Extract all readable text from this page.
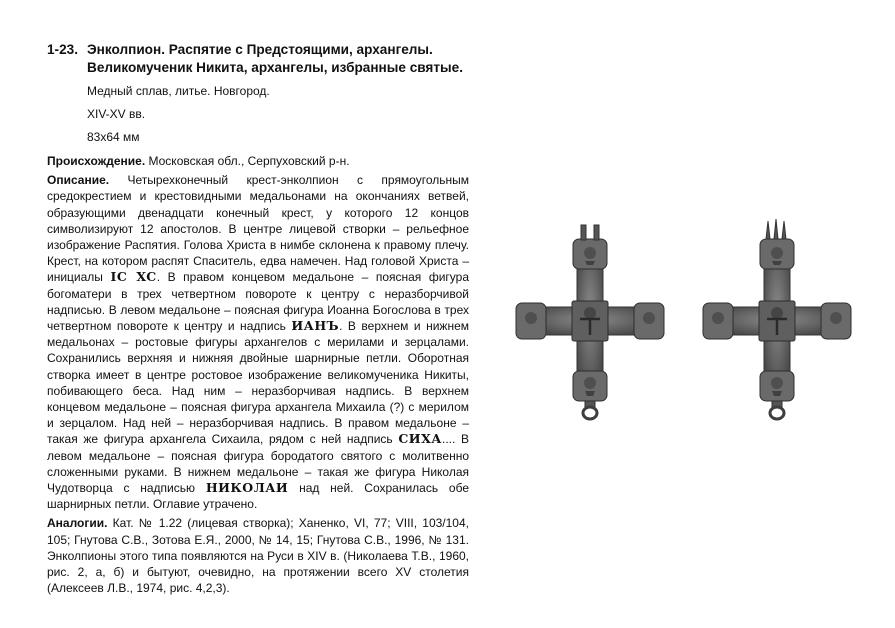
1-23. Энколпион. Распятие с Предстоящими, архангелы. Великомученик Никита, архангелы, избранные святые.
Медный сплав, литье. Новгород.
XIV-XV вв.
83х64 мм

Происхождение. Московская обл., Серпуховский р-н.

Описание. Четырехконечный крест-энколпион с прямоугольным средокрестием и крестовидными медальонами на окончаниях ветвей, образующими двенадцати конечный крест, у которого 12 концов символизируют 12 апостолов. В центре лицевой створки – рельефное изображение Распятия. Голова Христа в нимбе склонена к правому плечу. Крест, на котором распят Спаситель, едва намечен. Над головой Христа – инициалы IC XC. В правом концевом медальоне – поясная фигура богоматери в трех четвертном повороте к центру с неразборчивой надписью. В левом медальоне – поясная фигура Иоанна Богослова в трех четвертном повороте к центру и надпись ИАНЪ. В верхнем и нижнем медальонах – ростовые фигуры архангелов с мерилами и зерцалами. Сохранились верхняя и нижняя двойные шарнирные петли. Оборотная створка имеет в центре ростовое изображение великомученика Никиты, побивающего беса. Над ним – неразборчивая надпись. В верхнем концевом медальоне – поясная фигура архангела Михаила (?) с мерилом и зерцалом. Над ней – неразборчивая надпись. В правом медальоне – такая же фигура архангела Сихаила, рядом с ней надпись СИХА.... В левом медальоне – поясная фигура бородатого святого с молитвенно сложенными руками. В нижнем медальоне – такая же фигура Николая Чудотворца с надписью НИКОЛАИ над ней. Сохранилась обе шарнирных петли. Оглавие утрачено.

Аналогии. Кат. № 1.22 (лицевая створка); Ханенко, VI, 77; VIII, 103/104, 105; Гнутова С.В., Зотова Е.Я., 2000, № 14, 15; Гнутова С.В., 1996, № 131. Энколпионы этого типа появляются на Руси в XIV в. (Николаева Т.В., 1960, рис. 2, а, б) и бытуют, очевидно, на протяжении всего XV столетия (Алексеев Л.В., 1974, рис. 4,2,3).
